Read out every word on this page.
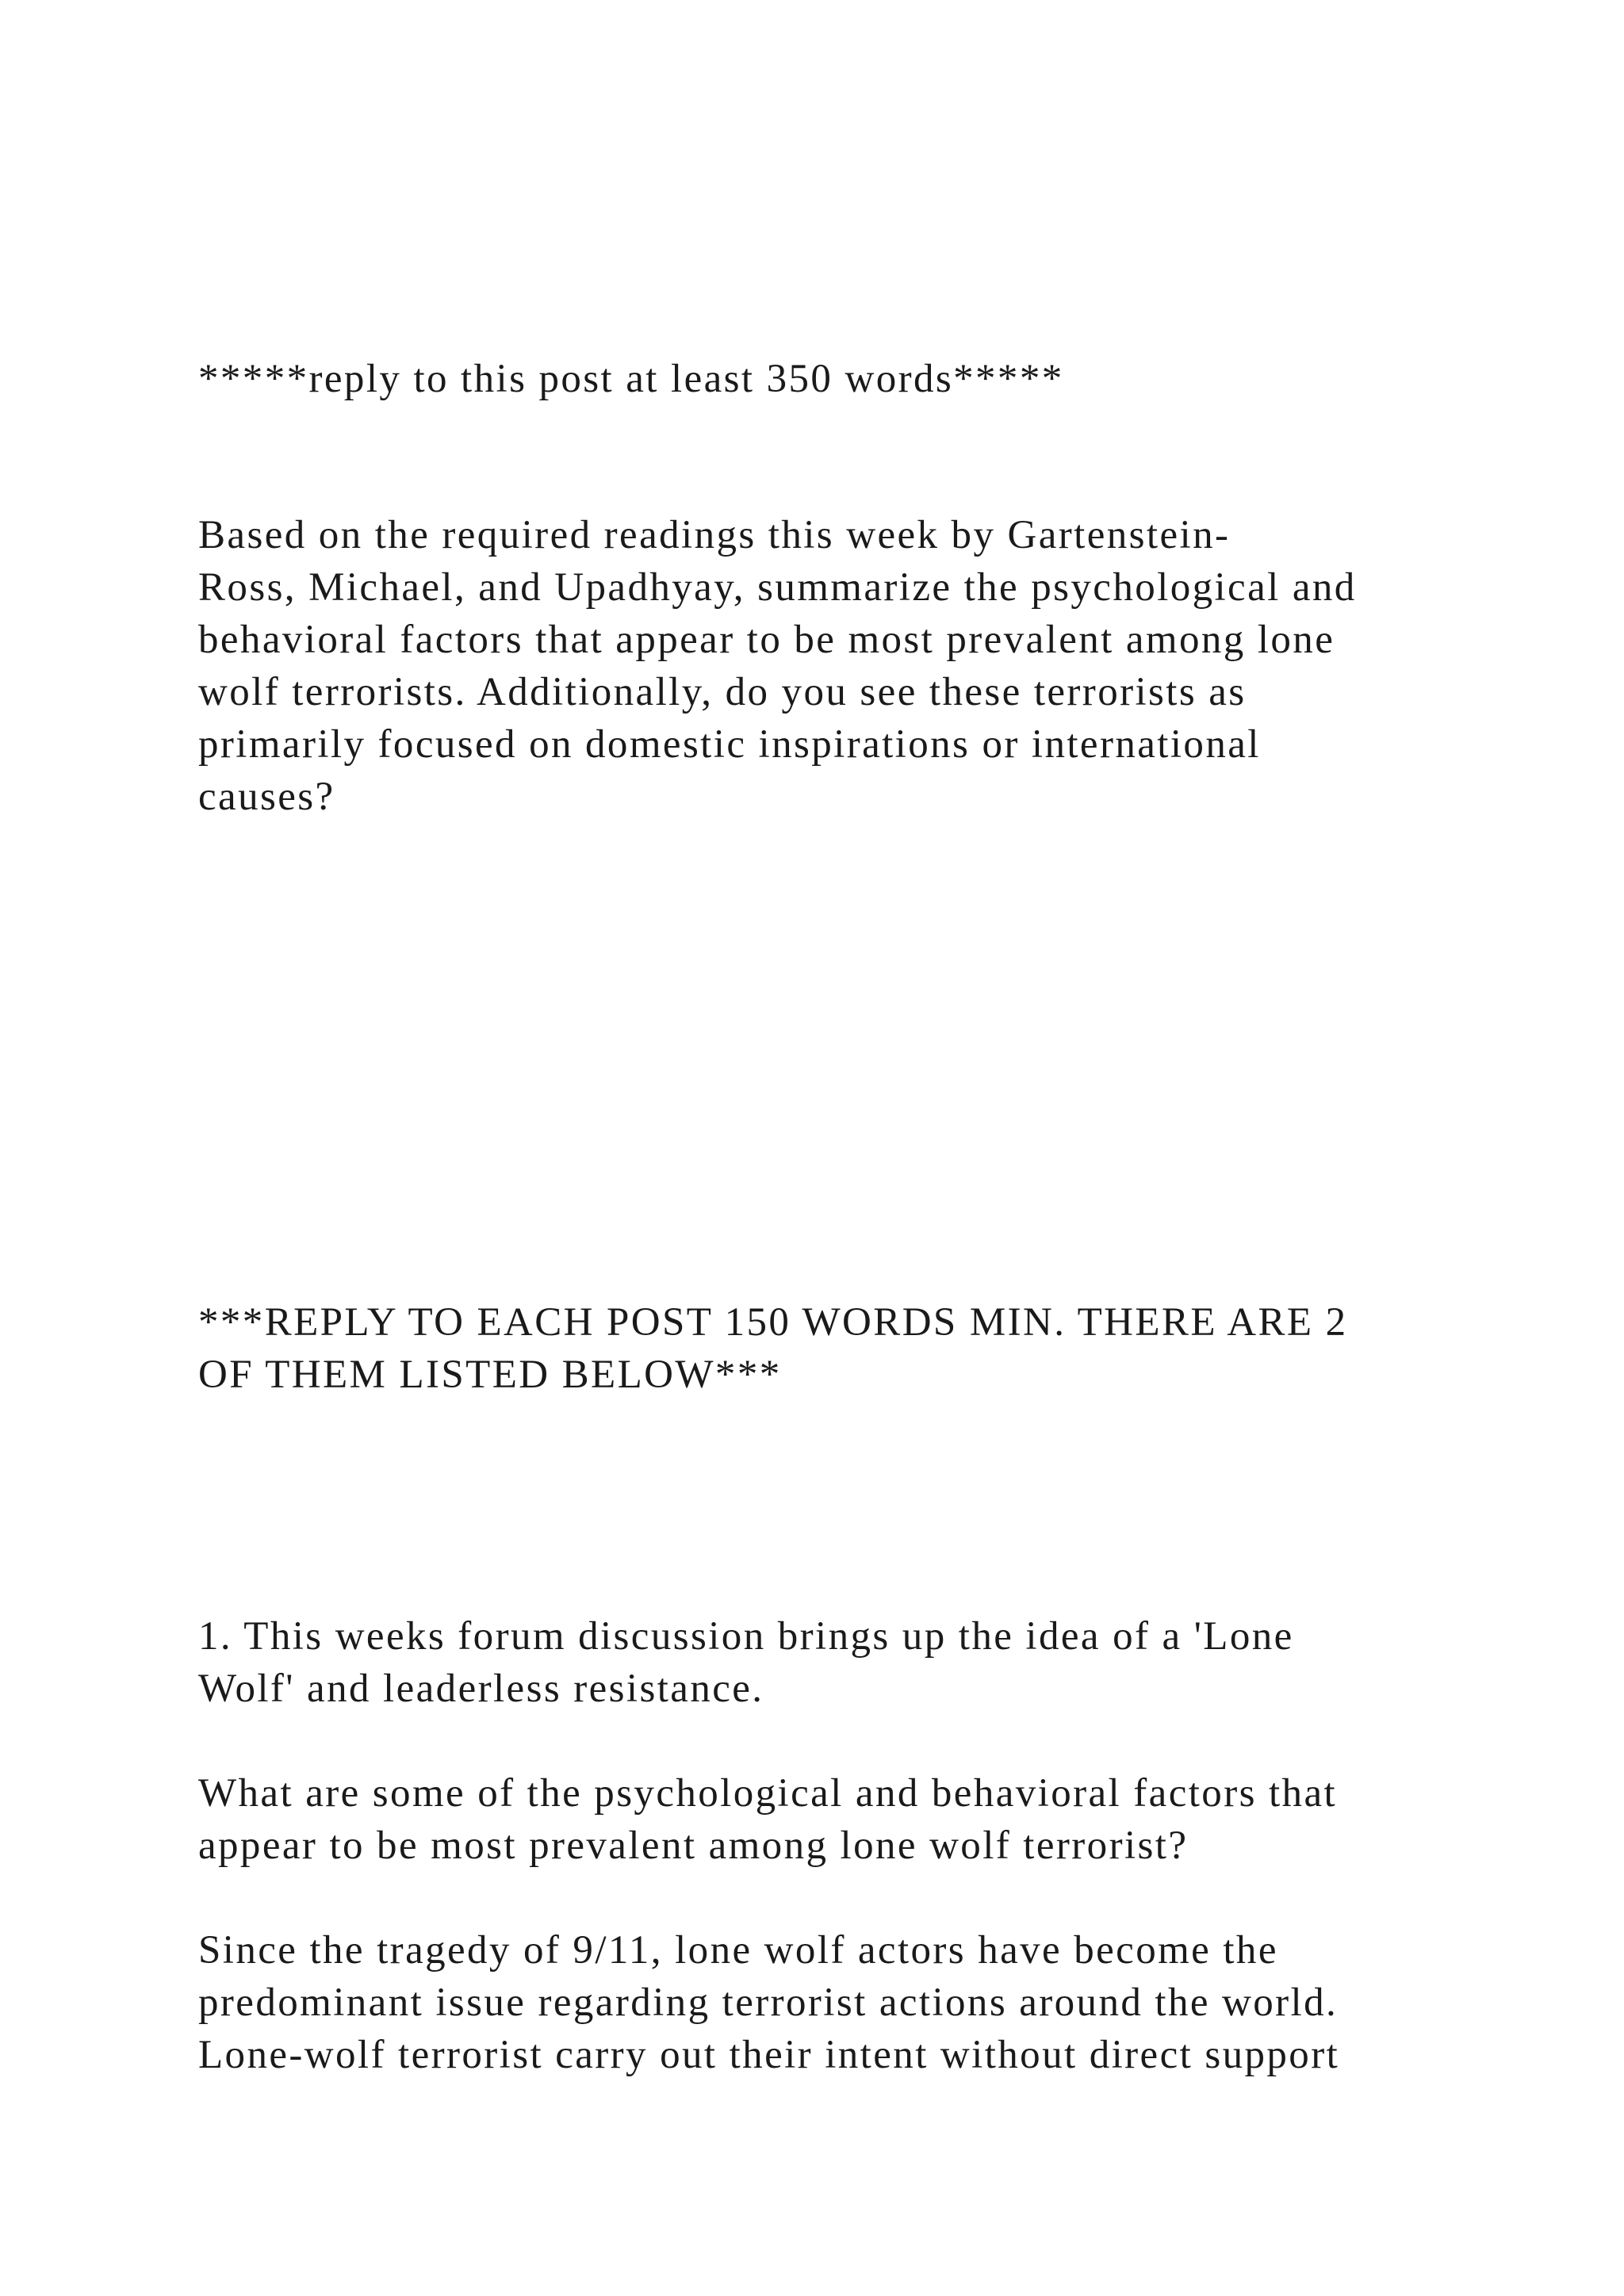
*****reply to this post at least 350 words*****

Based on the required readings this week by Gartenstein-

Ross, Michael, and Upadhyay, summarize the psychological and

behavioral factors that appear to be most prevalent among lone

wolf terrorists. Additionally, do you see these terrorists as

primarily focused on domestic inspirations or international

causes?

***REPLY TO EACH POST 150 WORDS MIN. THERE ARE 2

OF THEM LISTED BELOW***

1. This weeks forum discussion brings up the idea of a 'Lone

Wolf' and leaderless resistance.

What are some of the psychological and behavioral factors that

appear to be most prevalent among lone wolf terrorist?

Since the tragedy of 9/11, lone wolf actors have become the

predominant issue regarding terrorist actions around the world.

Lone-wolf terrorist carry out their intent without direct support
